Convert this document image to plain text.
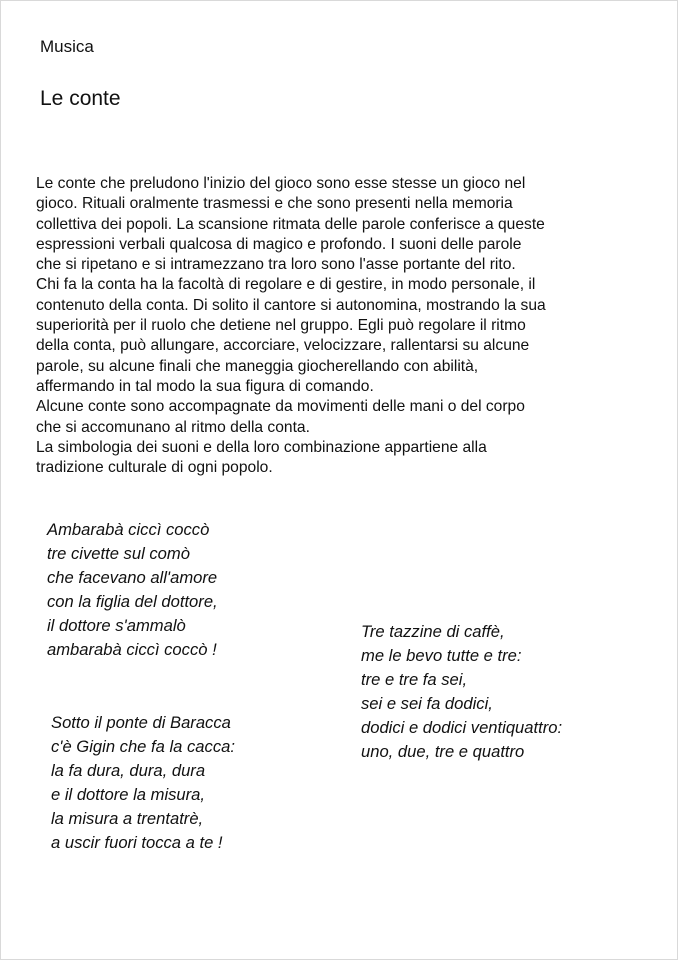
Musica
Le conte
Le conte che preludono l'inizio del gioco sono esse stesse un gioco nel
gioco. Rituali oralmente trasmessi e che sono presenti nella memoria
collettiva dei popoli. La scansione ritmata delle parole conferisce a queste
espressioni verbali qualcosa di magico e profondo. I suoni delle parole
che si ripetano e si intramezzano tra loro sono l'asse portante del rito.
Chi fa la conta ha la facoltà di regolare e di gestire, in modo personale, il
contenuto della conta. Di solito il cantore si autonomina, mostrando la sua
superiorità per il ruolo che detiene nel gruppo. Egli può regolare il ritmo
della conta, può allungare, accorciare, velocizzare, rallentarsi su alcune
parole, su alcune finali che maneggia giocherellando con abilità,
affermando in tal modo la sua figura di comando.
Alcune conte sono accompagnate da movimenti delle mani o del corpo
che si accomunano al ritmo della conta.
La simbologia dei suoni e della loro combinazione appartiene alla
tradizione culturale di ogni popolo.
Ambarabà ciccì coccò
tre civette sul comò
che facevano all'amore
con la figlia del dottore,
il dottore s'ammalò
ambarabà ciccì coccò !
Tre tazzine di caffè,
me le bevo tutte e tre:
tre e tre fa sei,
sei e sei fa dodici,
dodici e dodici ventiquattro:
uno, due, tre e quattro
Sotto il ponte di Baracca
c'è Gigin che fa la cacca:
la fa dura, dura, dura
e il dottore la misura,
la misura a trentatrè,
a uscir fuori tocca a te !
